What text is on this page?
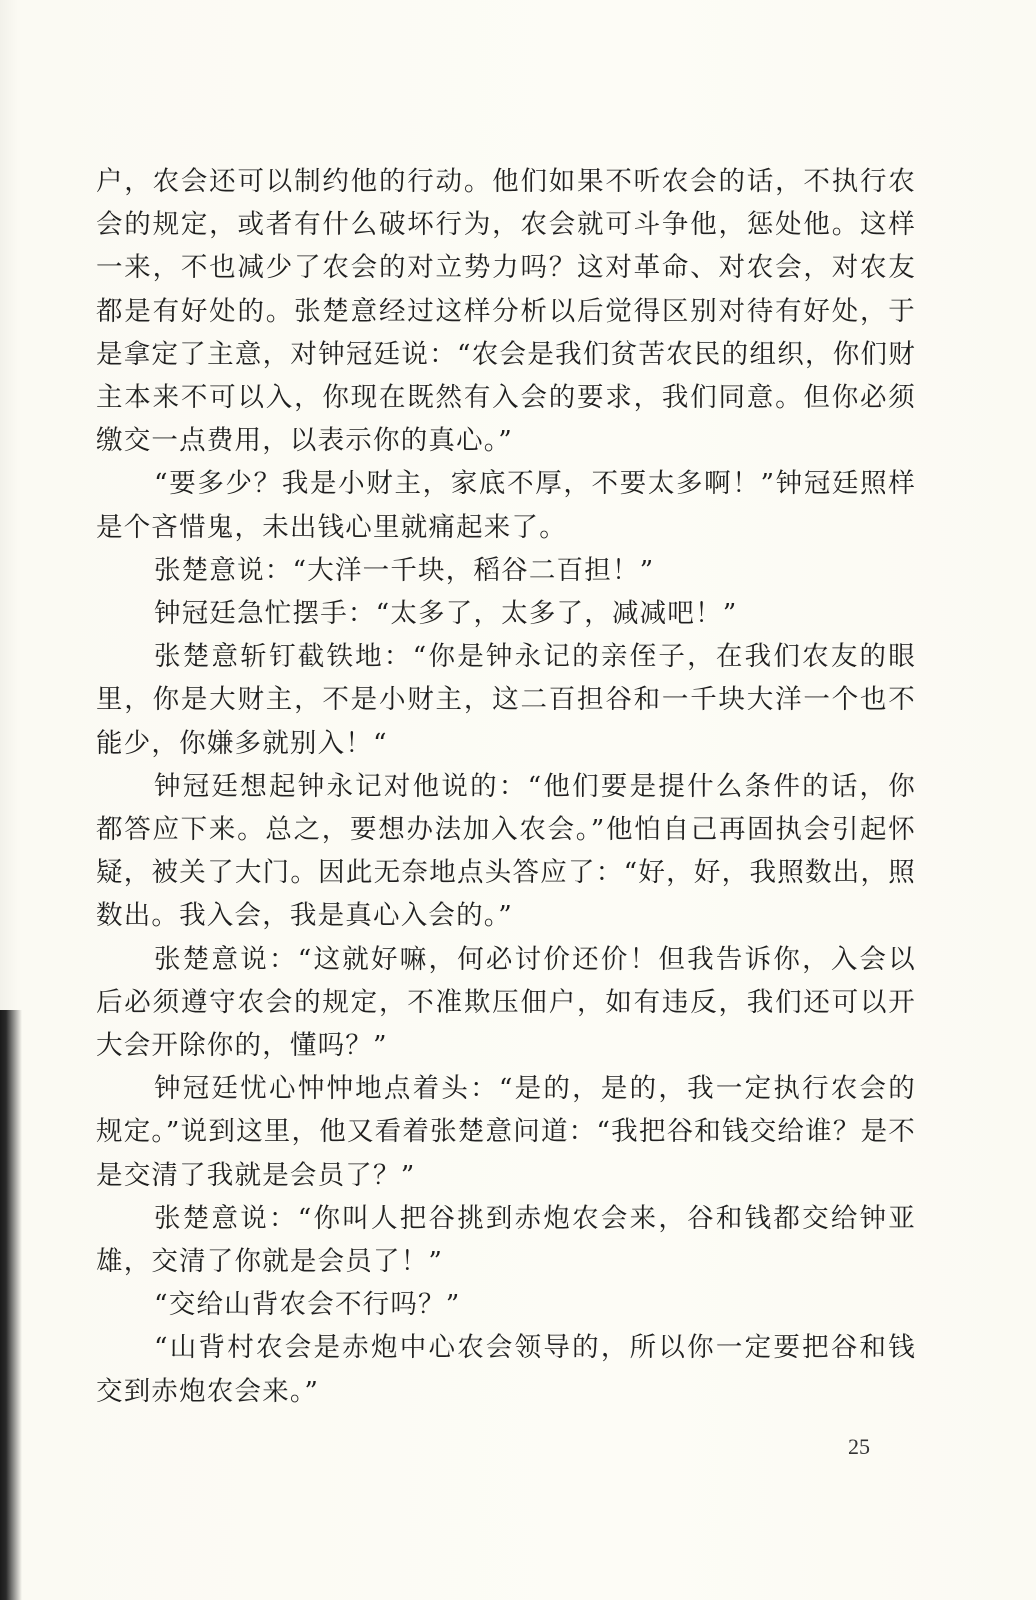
户，农会还可以制约他的行动。他们如果不听农会的话，不执行农会的规定，或者有什么破坏行为，农会就可斗争他，惩处他。这样一来，不也减少了农会的对立势力吗？这对革命、对农会，对农友都是有好处的。张楚意经过这样分析以后觉得区别对待有好处，于是拿定了主意，对钟冠廷说：“农会是我们贫苦农民的组织，你们财主本来不可以入，你现在既然有入会的要求，我们同意。但你必须缴交一点费用，以表示你的真心。”

“要多少？我是小财主，家底不厚，不要太多啊！”钟冠廷照样是个吝惜鬼，未出钱心里就痛起来了。

张楚意说：“大洋一千块，稻谷二百担！”

钟冠廷急忙摆手：“太多了，太多了，减减吧！”

张楚意斩钉截铁地：“你是钟永记的亲侄子，在我们农友的眼里，你是大财主，不是小财主，这二百担谷和一千块大洋一个也不能少，你嫌多就别入！“

钟冠廷想起钟永记对他说的：“他们要是提什么条件的话，你都答应下来。总之，要想办法加入农会。”他怕自己再固执会引起怀疑，被关了大门。因此无奈地点头答应了：“好，好，我照数出，照数出。我入会，我是真心入会的。”

张楚意说：“这就好嘛，何必讨价还价！但我告诉你，入会以后必须遵守农会的规定，不准欺压佃户，如有违反，我们还可以开大会开除你的，懂吗？”

钟冠廷忧心忡忡地点着头：“是的，是的，我一定执行农会的规定。”说到这里，他又看着张楚意问道：“我把谷和钱交给谁？是不是交清了我就是会员了？”

张楚意说：“你叫人把谷挑到赤炮农会来，谷和钱都交给钟亚雄，交清了你就是会员了！”

“交给山背农会不行吗？”

“山背村农会是赤炮中心农会领导的，所以你一定要把谷和钱交到赤炮农会来。”

25
